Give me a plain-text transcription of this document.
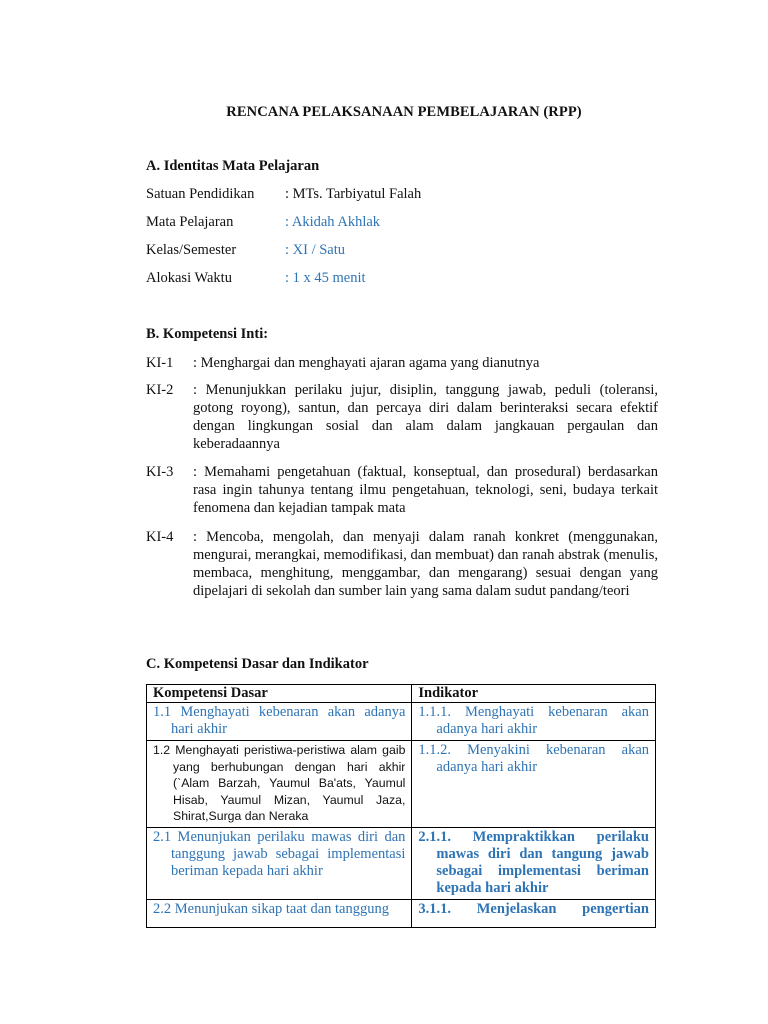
RENCANA PELAKSANAAN PEMBELAJARAN (RPP)
A. Identitas Mata Pelajaran
Satuan Pendidikan : MTs. Tarbiyatul Falah
Mata Pelajaran	: Akidah Akhlak
Kelas/Semester	: XI / Satu
Alokasi Waktu	: 1 x 45 menit
B. Kompetensi Inti:
KI-1 : Menghargai dan menghayati ajaran agama yang dianutnya
KI-2 : Menunjukkan perilaku jujur, disiplin, tanggung jawab, peduli (toleransi, gotong royong), santun, dan percaya diri dalam berinteraksi secara efektif dengan lingkungan sosial dan alam dalam jangkauan pergaulan dan keberadaannya
KI-3 : Memahami pengetahuan (faktual, konseptual, dan prosedural) berdasarkan rasa ingin tahunya tentang ilmu pengetahuan, teknologi, seni, budaya terkait fenomena dan kejadian tampak mata
KI-4 : Mencoba, mengolah, dan menyaji dalam ranah konkret (menggunakan, mengurai, merangkai, memodifikasi, dan membuat) dan ranah abstrak (menulis, membaca, menghitung, menggambar, dan mengarang) sesuai dengan yang dipelajari di sekolah dan sumber lain yang sama dalam sudut pandang/teori
C. Kompetensi Dasar dan Indikator
Kompetensi Dasar	Indikator

1.1 Menghayati kebenaran akan adanya hari akhir	1.1.1. Menghayati kebenaran akan adanya hari akhir

1.2 Menghayati peristiwa-peristiwa alam gaib yang berhubungan dengan hari akhir (`Alam Barzah, Yaumul Ba'ats, Yaumul Hisab, Yaumul Mizan, Yaumul Jaza, Shirat,Surga dan Neraka	1.1.2. Menyakini kebenaran akan adanya hari akhir

2.1 Menunjukan perilaku mawas diri dan tanggung jawab sebagai implementasi beriman kepada hari akhir	2.1.1. Mempraktikkan perilaku mawas diri dan tangung jawab sebagai implementasi beriman kepada hari akhir

2.2 Menunjukan sikap taat dan tanggung	3.1.1. Menjelaskan pengertian
